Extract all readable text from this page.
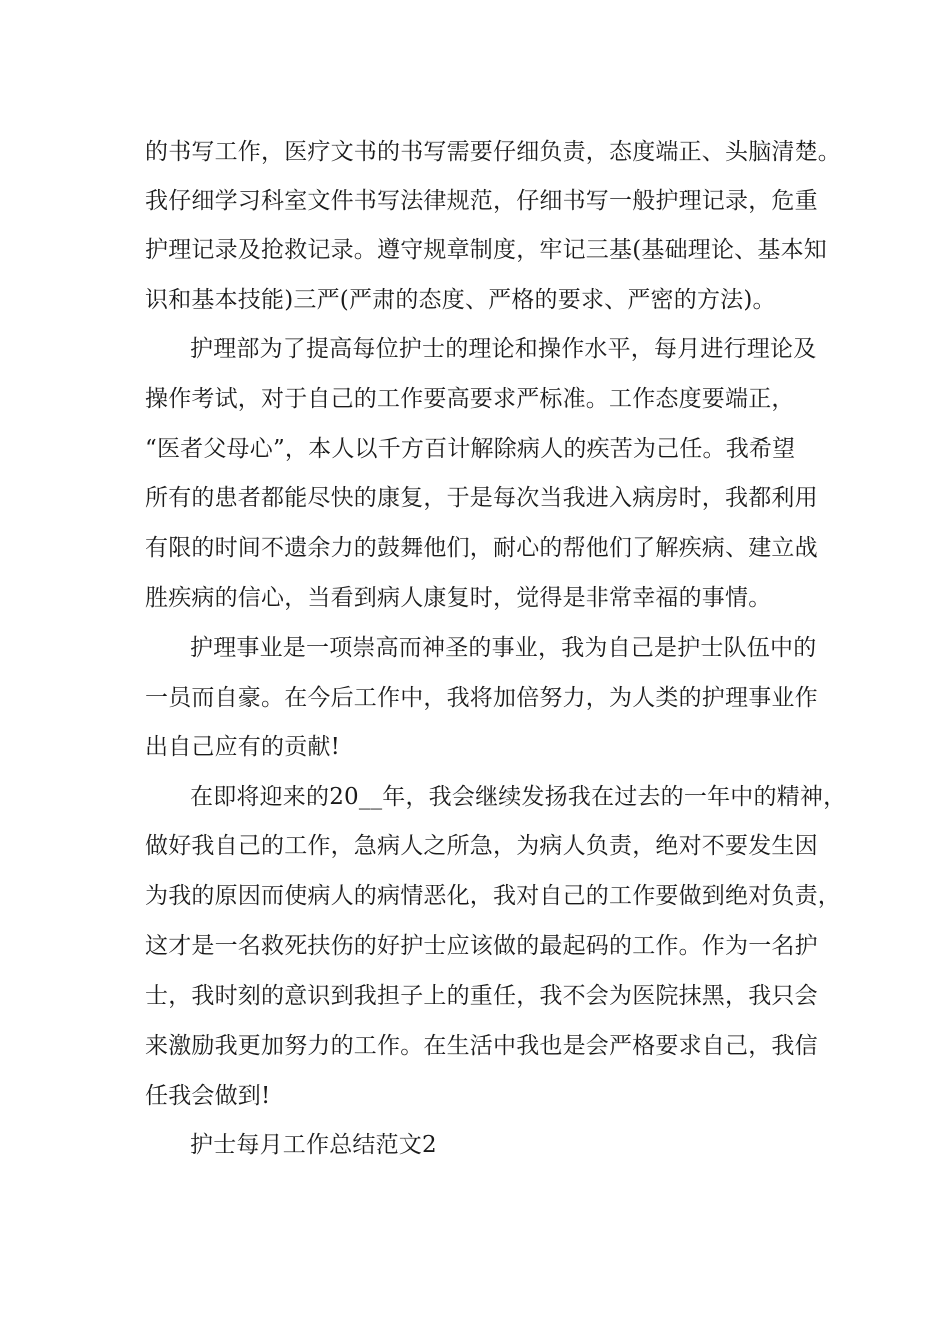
的书写工作，医疗文书的书写需要仔细负责，态度端正、头脑清楚。
我仔细学习科室文件书写法律规范，仔细书写一般护理记录，危重
护理记录及抢救记录。遵守规章制度，牢记三基(基础理论、基本知
识和基本技能)三严(严肃的态度、严格的要求、严密的方法)。
护理部为了提高每位护士的理论和操作水平，每月进行理论及
操作考试，对于自己的工作要高要求严标准。工作态度要端正，
“医者父母心”，本人以千方百计解除病人的疾苦为己任。我希望
所有的患者都能尽快的康复，于是每次当我进入病房时，我都利用
有限的时间不遗余力的鼓舞他们，耐心的帮他们了解疾病、建立战
胜疾病的信心，当看到病人康复时，觉得是非常幸福的事情。
护理事业是一项崇高而神圣的事业，我为自己是护士队伍中的
一员而自豪。在今后工作中，我将加倍努力，为人类的护理事业作
出自己应有的贡献!
在即将迎来的20__年，我会继续发扬我在过去的一年中的精神，
做好我自己的工作，急病人之所急，为病人负责，绝对不要发生因
为我的原因而使病人的病情恶化，我对自己的工作要做到绝对负责，
这才是一名救死扶伤的好护士应该做的最起码的工作。作为一名护
士，我时刻的意识到我担子上的重任，我不会为医院抹黑，我只会
来激励我更加努力的工作。在生活中我也是会严格要求自己，我信
任我会做到!
护士每月工作总结范文2
